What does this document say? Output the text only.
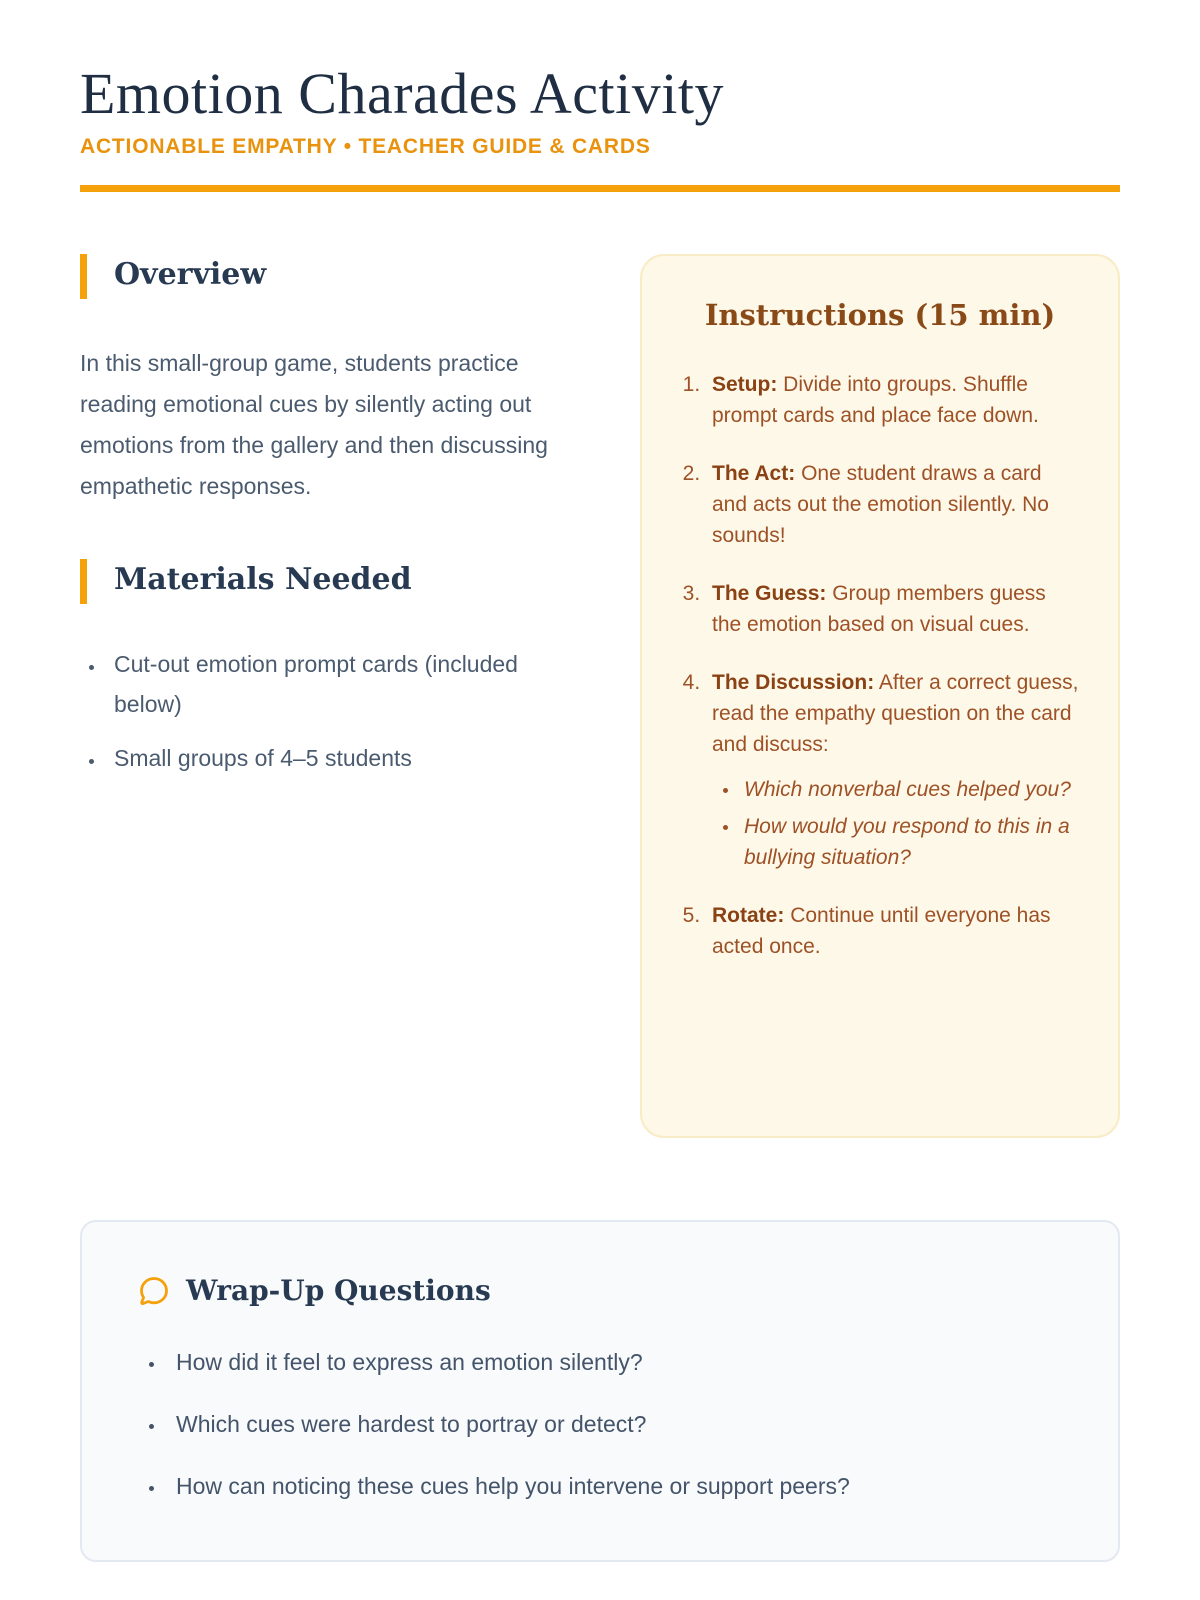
Emotion Charades Activity
ACTIONABLE EMPATHY • TEACHER GUIDE & CARDS
Overview

In this small-group game, students practice reading emotional cues by silently acting out emotions from the gallery and then discussing empathetic responses.

Materials Needed
• Cut-out emotion prompt cards (included below)
• Small groups of 4–5 students
Instructions (15 min)
1. Setup: Divide into groups. Shuffle prompt cards and place face down.
2. The Act: One student draws a card and acts out the emotion silently. No sounds!
3. The Guess: Group members guess the emotion based on visual cues.
4. The Discussion: After a correct guess, read the empathy question on the card and discuss:
• Which nonverbal cues helped you?
• How would you respond to this in a bullying situation?
5. Rotate: Continue until everyone has acted once.
Wrap-Up Questions
• How did it feel to express an emotion silently?
• Which cues were hardest to portray or detect?
• How can noticing these cues help you intervene or support peers?
